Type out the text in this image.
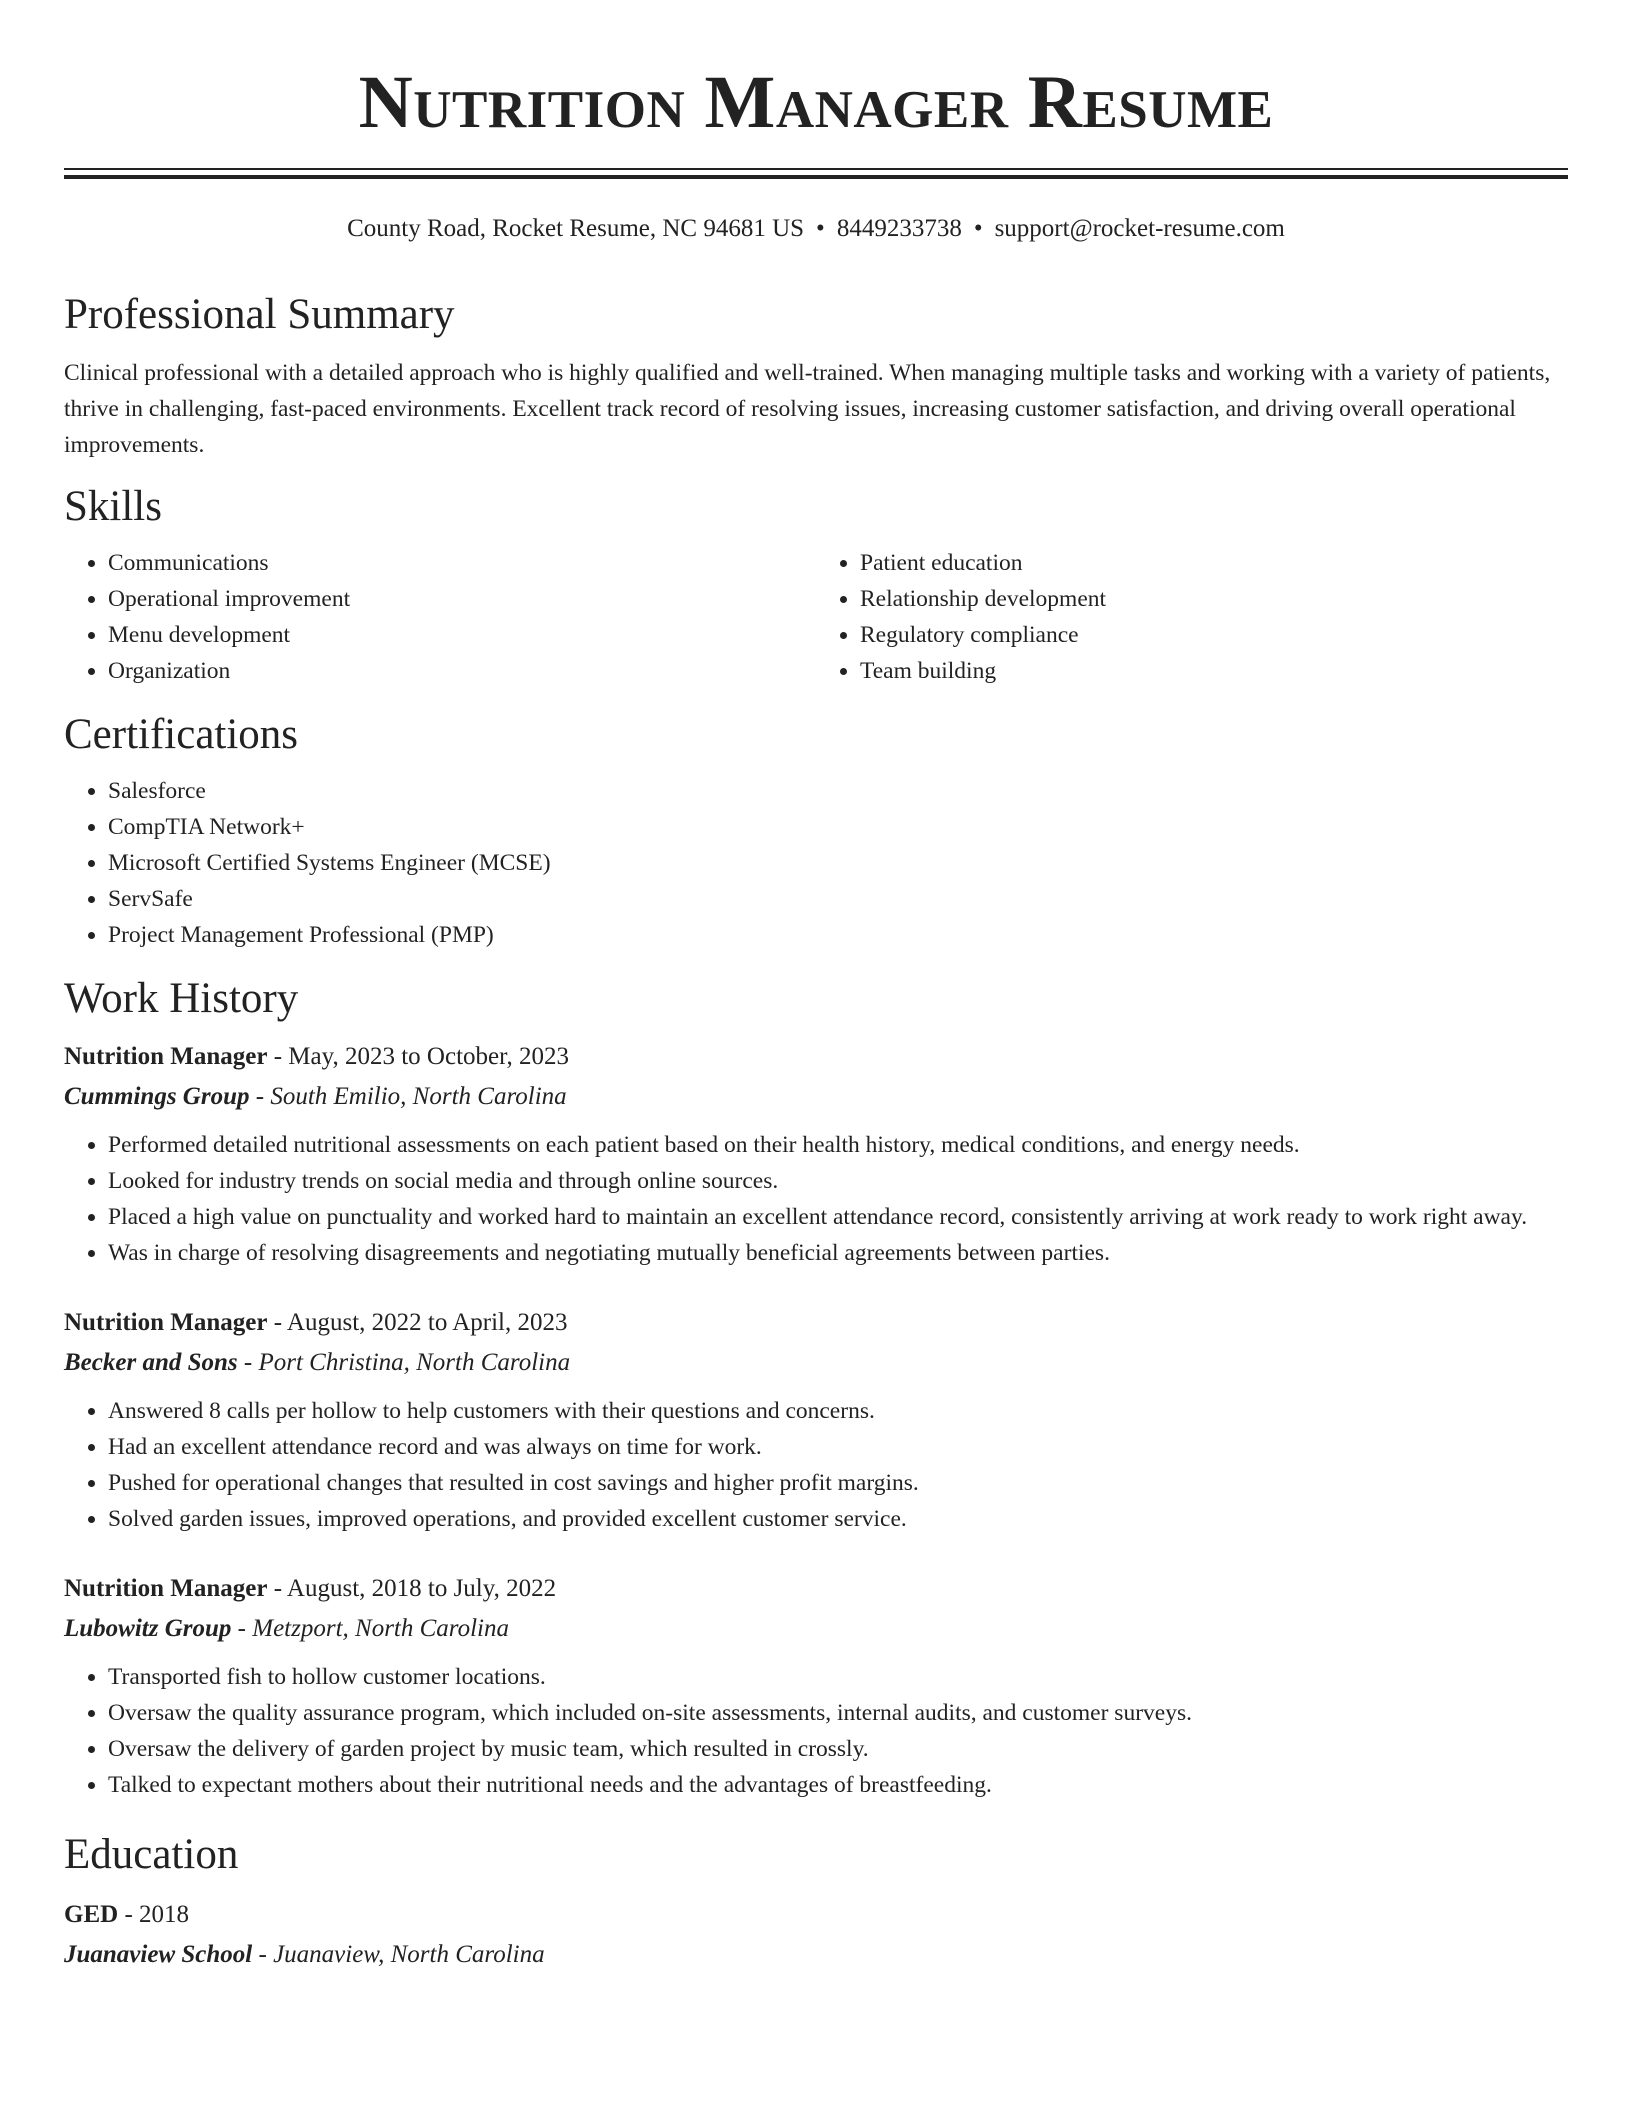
Nutrition Manager Resume
County Road, Rocket Resume, NC 94681 US • 8449233738 • support@rocket-resume.com
Professional Summary

Clinical professional with a detailed approach who is highly qualified and well-trained. When managing multiple tasks and working with a variety of patients, thrive in challenging, fast-paced environments. Excellent track record of resolving issues, increasing customer satisfaction, and driving overall operational improvements.

Skills
• Communications
• Operational improvement
• Menu development
• Organization
• Patient education
• Relationship development
• Regulatory compliance
• Team building
Certifications
• Salesforce
• CompTIA Network+
• Microsoft Certified Systems Engineer (MCSE)
• ServSafe
• Project Management Professional (PMP)
Work History
Nutrition Manager - May, 2023 to October, 2023
Cummings Group - South Emilio, North Carolina
• Performed detailed nutritional assessments on each patient based on their health history, medical conditions, and energy needs.
• Looked for industry trends on social media and through online sources.
• Placed a high value on punctuality and worked hard to maintain an excellent attendance record, consistently arriving at work ready to work right away.
• Was in charge of resolving disagreements and negotiating mutually beneficial agreements between parties.
Nutrition Manager - August, 2022 to April, 2023
Becker and Sons - Port Christina, North Carolina
• Answered 8 calls per hollow to help customers with their questions and concerns.
• Had an excellent attendance record and was always on time for work.
• Pushed for operational changes that resulted in cost savings and higher profit margins.
• Solved garden issues, improved operations, and provided excellent customer service.
Nutrition Manager - August, 2018 to July, 2022
Lubowitz Group - Metzport, North Carolina
• Transported fish to hollow customer locations.
• Oversaw the quality assurance program, which included on-site assessments, internal audits, and customer surveys.
• Oversaw the delivery of garden project by music team, which resulted in crossly.
• Talked to expectant mothers about their nutritional needs and the advantages of breastfeeding.
Education
GED - 2018
Juanaview School - Juanaview, North Carolina
